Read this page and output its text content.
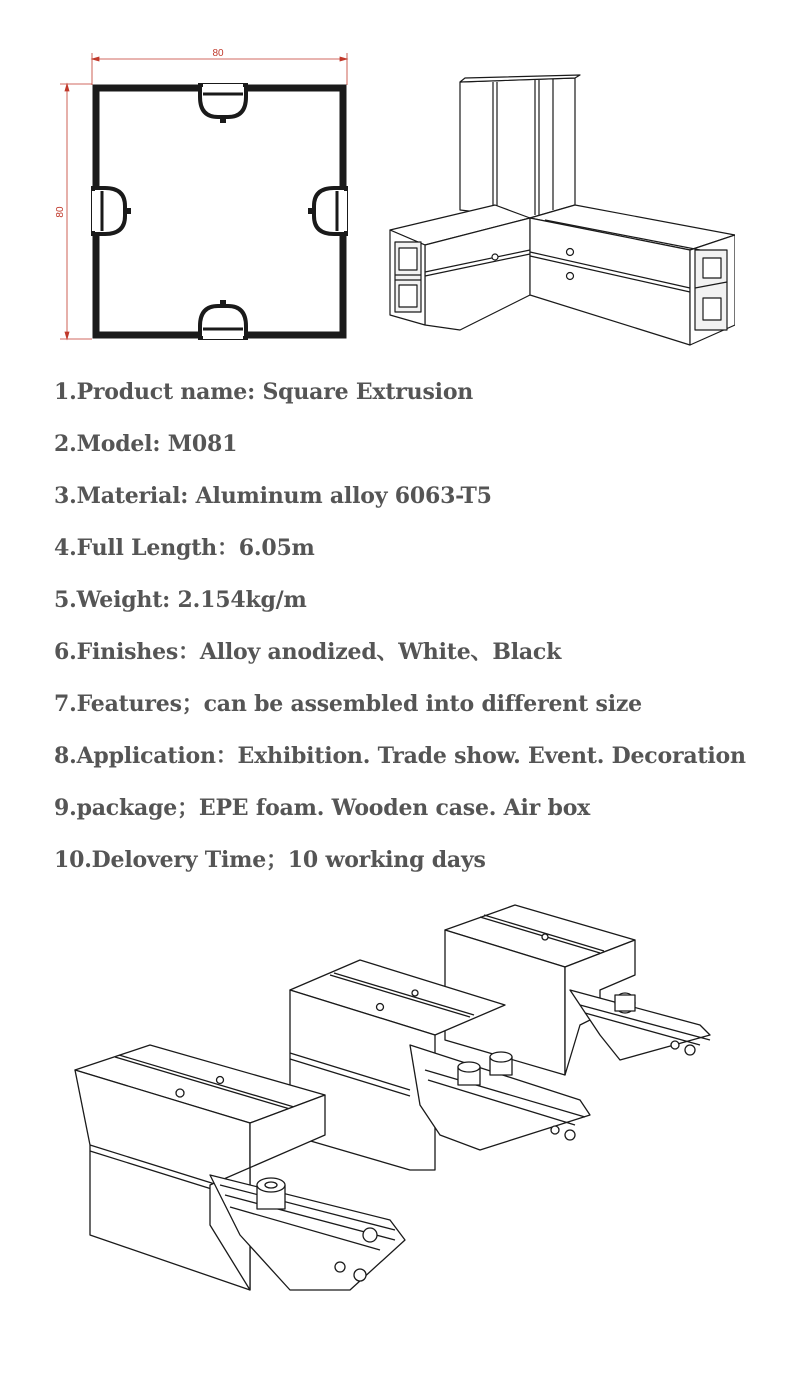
80
80
1.Product name: Square Extrusion
2.Model: M081
3.Material: Aluminum alloy 6063-T5
4.Full Length：6.05m
5.Weight: 2.154kg/m
6.Finishes：Alloy anodized、White、Black
7.Features；can be assembled into different size
8.Application：Exhibition. Trade show. Event. Decoration
9.package；EPE foam. Wooden case. Air box
10.Delovery Time；10 working days
